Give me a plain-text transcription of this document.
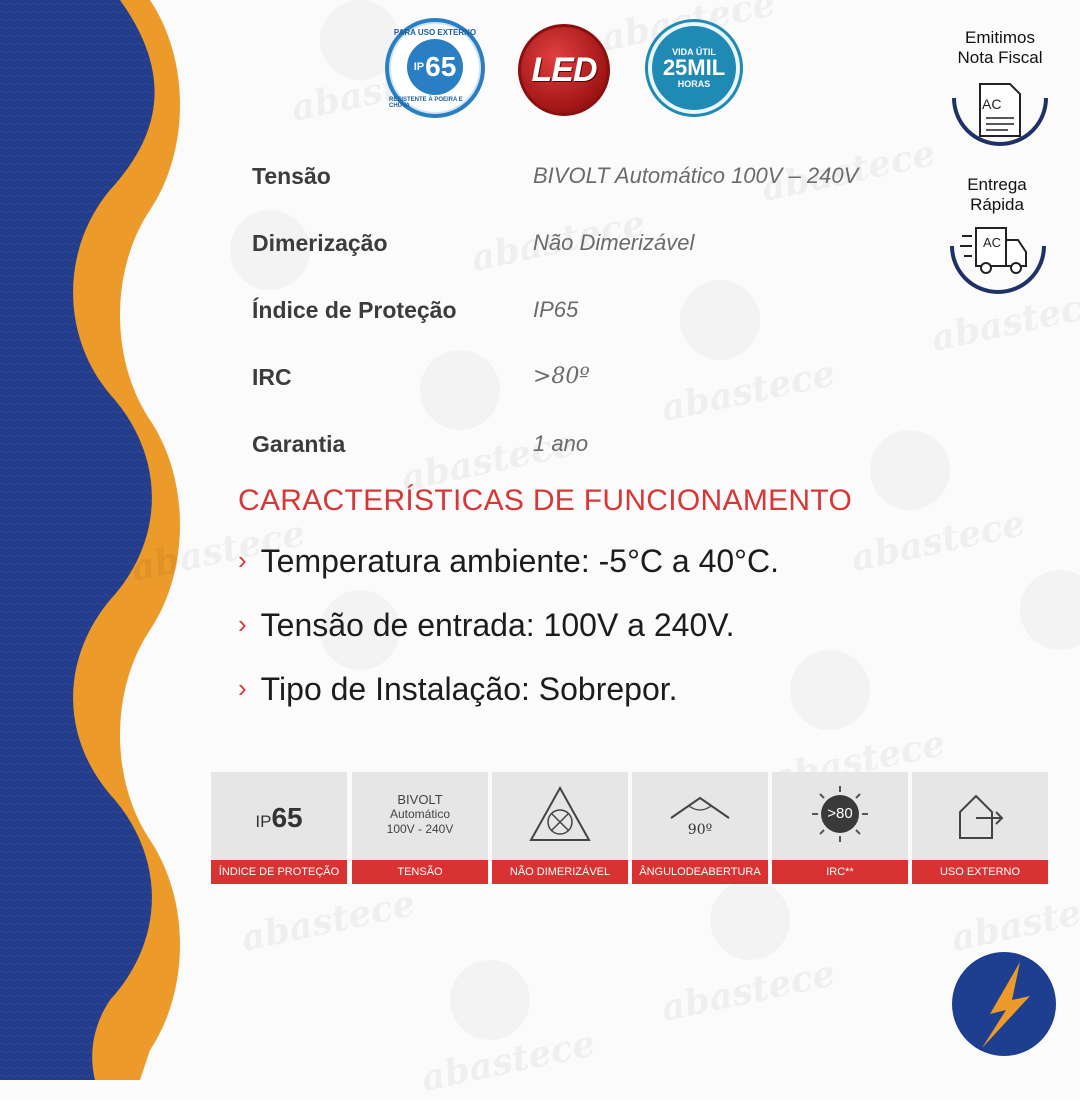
PARA USO EXTERNO
IP 65
RESISTENTE À POEIRA E CHUVA
LED	VIDA ÚTIL
25MIL
HORAS
Tensão	BIVOLT Automático 100V – 240V
Dimerização	Não Dimerizável
Índice de Proteção	IP65
IRC	>80º
Garantia	1 ano
CARACTERÍSTICAS DE FUNCIONAMENTO
› Temperatura ambiente: -5°C a 40°C.
› Tensão de entrada: 100V a 240V.
› Tipo de Instalação: Sobrepor.
IP65
ÍNDICE DE PROTEÇÃO
BIVOLT
Automático
100V - 240V
TENSÃO	NÃO DIMERIZÁVEL
90º
ÂNGULODEABERTURA
>80
IRC**	USO EXTERNO
Emitimos
Nota Fiscal
AC
Entrega
Rápida
AC
